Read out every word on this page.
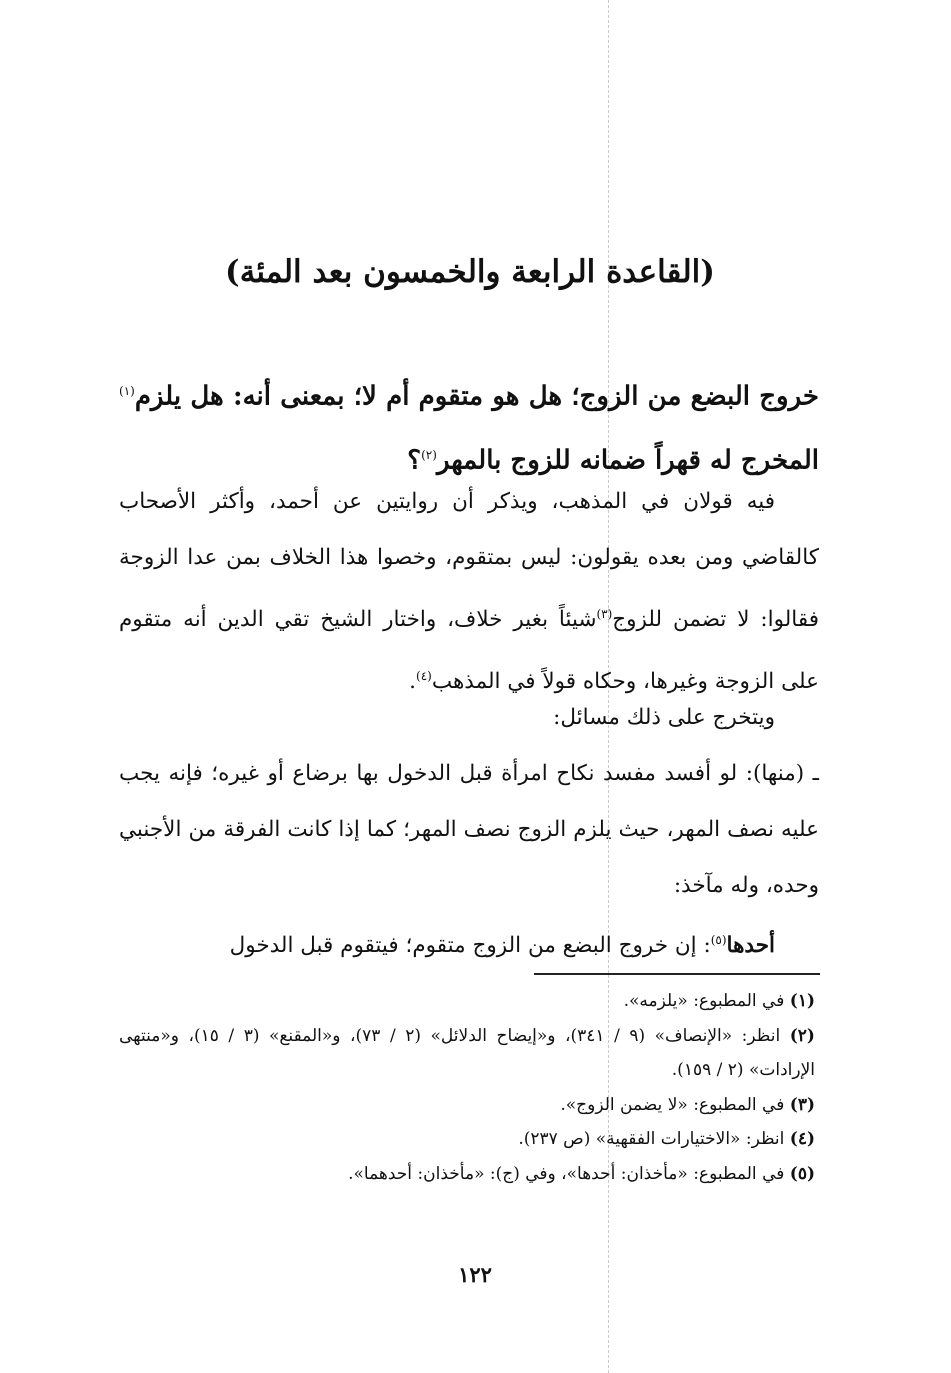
(القاعدة الرابعة والخمسون بعد المئة)
خروج البضع من الزوج؛ هل هو متقوم أم لا؛ بمعنى أنه: هل يلزم$^{(١)}$ المخرج له قهراً ضمانه للزوج بالمهر$^{(٢)}$؟
فيه قولان في المذهب، ويذكر أن روايتين عن أحمد، وأكثر الأصحاب كالقاضي ومن بعده يقولون: ليس بمتقوم، وخصوا هذا الخلاف بمن عدا الزوجة فقالوا: لا تضمن للزوج$^{(٣)}$شيئاً بغير خلاف، واختار الشيخ تقي الدين أنه متقوم على الزوجة وغيرها، وحكاه قولاً في المذهب$^{(٤)}$.
ويتخرج على ذلك مسائل:
ـ (منها): لو أفسد مفسد نكاح امرأة قبل الدخول بها برضاع أو غيره؛ فإنه يجب عليه نصف المهر، حيث يلزم الزوج نصف المهر؛ كما إذا كانت الفرقة من الأجنبي وحده، وله مآخذ:
أحدها$^{(٥)}$: إن خروج البضع من الزوج متقوم؛ فيتقوم قبل الدخول

(١) في المطبوع: «يلزمه».

(٢) انظر: «الإنصاف» (٩ / ٣٤١)، و«إيضاح الدلائل» (٢ / ٧٣)، و«المقنع» (٣ / ١٥)، و«منتهى الإرادات» (٢ / ١٥٩).

(٣) في المطبوع: «لا يضمن الزوج».

(٤) انظر: «الاختيارات الفقهية» (ص ٢٣٧).

(٥) في المطبوع: «مأخذان: أحدها»، وفي (ج): «مأخذان: أحدهما».

١٢٢
